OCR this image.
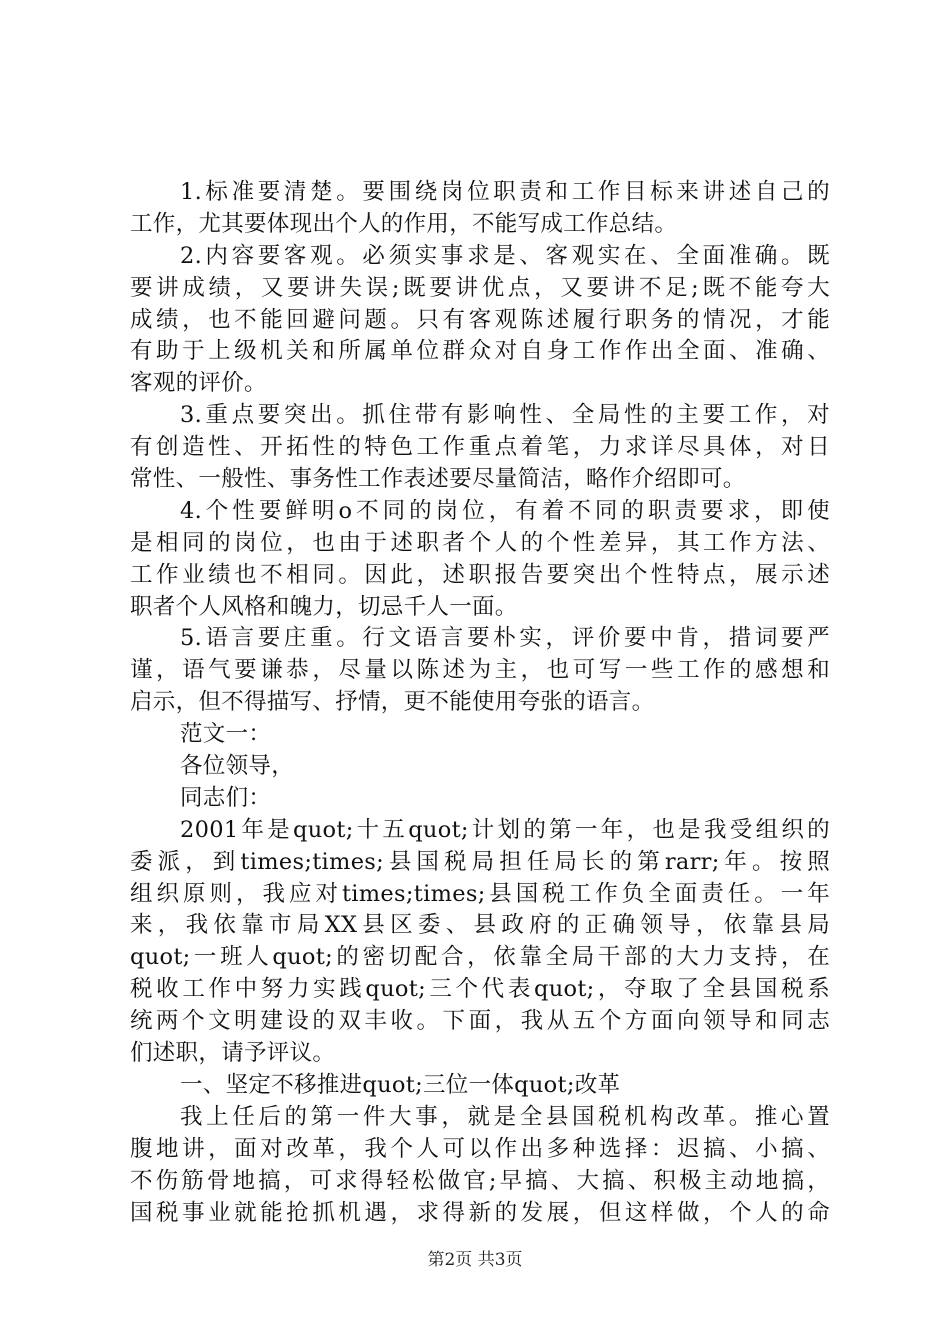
1.标准要清楚。要围绕岗位职责和工作目标来讲述自己的
工作，尤其要体现出个人的作用，不能写成工作总结。
2.内容要客观。必须实事求是、客观实在、全面准确。既
要讲成绩，又要讲失误;既要讲优点，又要讲不足;既不能夸大
成绩，也不能回避问题。只有客观陈述履行职务的情况，才能
有助于上级机关和所属单位群众对自身工作作出全面、准确、
客观的评价。
3.重点要突出。抓住带有影响性、全局性的主要工作，对
有创造性、开拓性的特色工作重点着笔，力求详尽具体，对日
常性、一般性、事务性工作表述要尽量简洁，略作介绍即可。
4.个性要鲜明ο不同的岗位，有着不同的职责要求，即使
是相同的岗位，也由于述职者个人的个性差异，其工作方法、
工作业绩也不相同。因此，述职报告要突出个性特点，展示述
职者个人风格和魄力，切忌千人一面。
5.语言要庄重。行文语言要朴实，评价要中肯，措词要严
谨，语气要谦恭，尽量以陈述为主，也可写一些工作的感想和
启示，但不得描写、抒情，更不能使用夸张的语言。
范文一：
各位领导，
同志们：
2001年是quot;十五quot;计划的第一年，也是我受组织的
委派，到times;times;县国税局担任局长的第rarr;年。按照
组织原则，我应对times;times;县国税工作负全面责任。一年
来，我依靠市局XX县区委、县政府的正确领导，依靠县局
quot;一班人quot;的密切配合，依靠全局干部的大力支持，在
税收工作中努力实践quot;三个代表quot;，夺取了全县国税系
统两个文明建设的双丰收。下面，我从五个方面向领导和同志
们述职，请予评议。
一、坚定不移推进quot;三位一体quot;改革
我上任后的第一件大事，就是全县国税机构改革。推心置
腹地讲，面对改革，我个人可以作出多种选择：迟搞、小搞、
不伤筋骨地搞，可求得轻松做官;早搞、大搞、积极主动地搞，
国税事业就能抢抓机遇，求得新的发展，但这样做，个人的命
第2页 共3页
